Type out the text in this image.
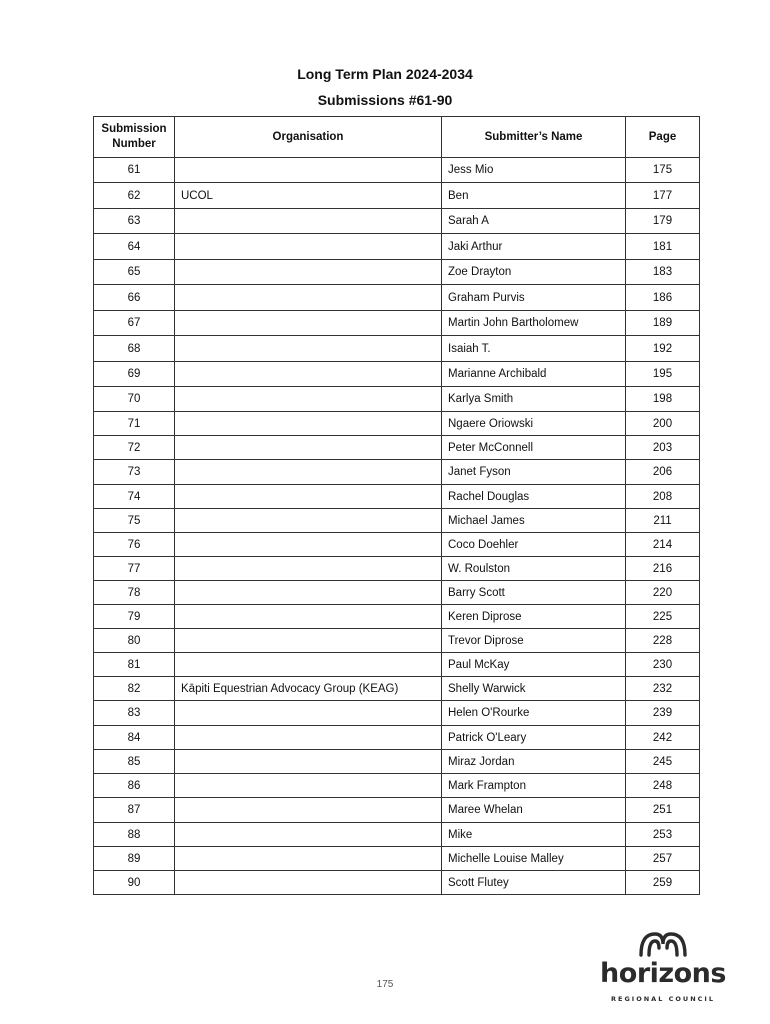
Long Term Plan 2024-2034
Submissions #61-90
Submission Number	Organisation	Submitter’s Name	Page
61		Jess Mio	175
62	UCOL	Ben	177
63		Sarah A	179
64		Jaki Arthur	181
65		Zoe Drayton	183
66		Graham Purvis	186
67		Martin John Bartholomew	189
68		Isaiah T.	192
69		Marianne Archibald	195
70		Karlya Smith	198
71		Ngaere Oriowski	200
72		Peter McConnell	203
73		Janet Fyson	206
74		Rachel Douglas	208
75		Michael James	211
76		Coco Doehler	214
77		W. Roulston	216
78		Barry Scott	220
79		Keren Diprose	225
80		Trevor Diprose	228
81		Paul McKay	230
82	Kāpiti Equestrian Advocacy Group (KEAG)	Shelly Warwick	232
83		Helen O'Rourke	239
84		Patrick O'Leary	242
85		Miraz Jordan	245
86		Mark Frampton	248
87		Maree Whelan	251
88		Mike	253
89		Michelle Louise Malley	257
90		Scott Flutey	259
175	horizons
REGIONAL COUNCIL
